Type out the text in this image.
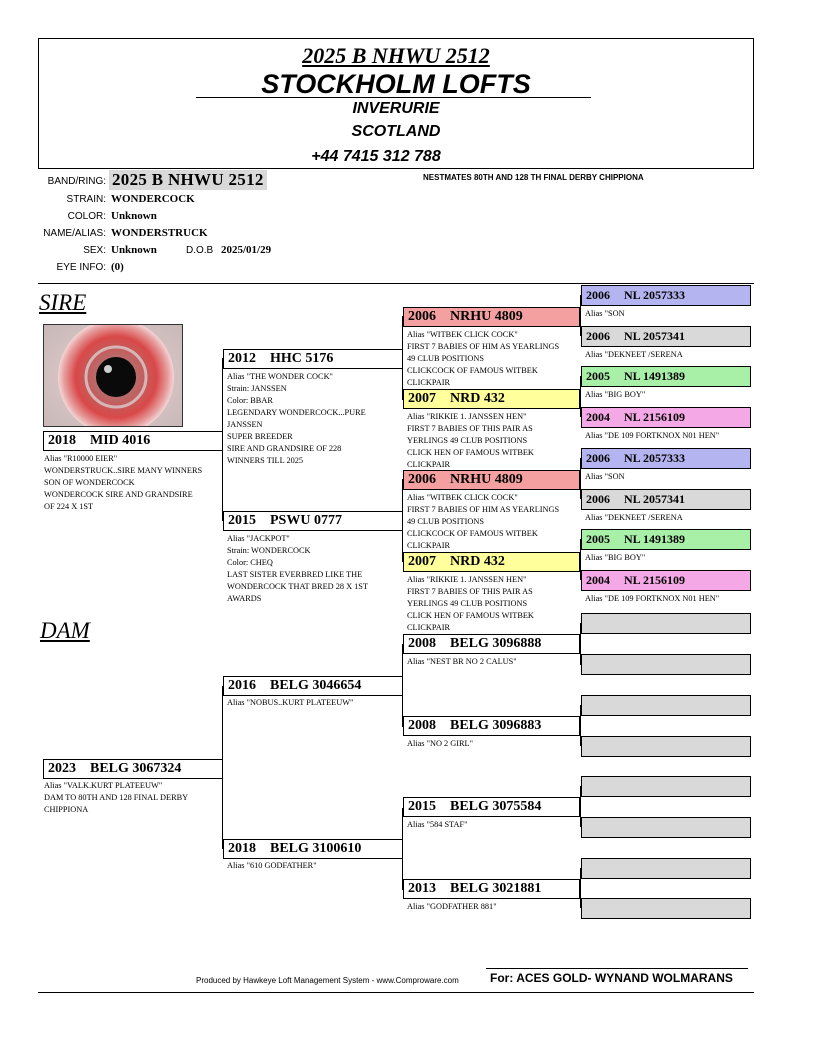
2025 B NHWU 2512
STOCKHOLM LOFTS
INVERURIE
SCOTLAND
+44 7415 312 788
BAND/RING: 2025 B NHWU 2512	NESTMATES 80TH AND 128 TH FINAL DERBY CHIPPIONA
STRAIN: WONDERCOCK
COLOR: Unknown
NAME/ALIAS: WONDERSTRUCK
SEX: Unknown	D.O.B 2025/01/29
EYE INFO: (0)
SIRE
DAM
2018 MID 4016
Alias "R10000 EIER"
WONDERSTRUCK..SIRE MANY WINNERS
SON OF WONDERCOCK
WONDERCOCK SIRE AND GRANDSIRE
OF 224 X 1ST
2023 BELG 3067324
Alias "VALK.KURT PLATEEUW"
DAM TO 80TH AND 128 FINAL DERBY
CHIPPIONA
2012 HHC 5176
Alias "THE WONDER COCK"
Strain: JANSSEN
Color: BBAR
LEGENDARY WONDERCOCK...PURE
JANSSEN
SUPER BREEDER
SIRE AND GRANDSIRE OF 228
WINNERS TILL 2025
2015 PSWU 0777
Alias "JACKPOT"
Strain: WONDERCOCK
Color: CHEQ
LAST SISTER EVERBRED LIKE THE
WONDERCOCK THAT BRED 28 X 1ST
AWARDS
2016 BELG 3046654
Alias "NOBUS..KURT PLATEEUW"
2018 BELG 3100610
Alias "610 GODFATHER"
2006 NRHU 4809
Alias "WITBEK CLICK COCK"
FIRST 7 BABIES OF HIM AS YEARLINGS
49 CLUB POSITIONS
CLICKCOCK OF FAMOUS WITBEK
CLICKPAIR
2007 NRD 432
Alias "RIKKIE 1. JANSSEN HEN"
FIRST 7 BABIES OF THIS PAIR AS
YERLINGS 49 CLUB POSITIONS
CLICK HEN OF FAMOUS WITBEK
CLICKPAIR
2006 NRHU 4809
Alias "WITBEK CLICK COCK"
FIRST 7 BABIES OF HIM AS YEARLINGS
49 CLUB POSITIONS
CLICKCOCK OF FAMOUS WITBEK
CLICKPAIR
2007 NRD 432
Alias "RIKKIE 1. JANSSEN HEN"
FIRST 7 BABIES OF THIS PAIR AS
YERLINGS 49 CLUB POSITIONS
CLICK HEN OF FAMOUS WITBEK
CLICKPAIR
2008 BELG 3096888
Alias "NEST BR NO 2 CALUS"
2008 BELG 3096883
Alias "NO 2 GIRL"
2015 BELG 3075584
Alias "584 STAF"
2013 BELG 3021881
Alias "GODFATHER 881"
2006 NL 2057333
Alias "SON
2006 NL 2057341
Alias "DEKNEET /SERENA
2005 NL 1491389
Alias "BIG BOY"
2004 NL 2156109
Alias "DE 109 FORTKNOX N01 HEN"
2006 NL 2057333
Alias "SON
2006 NL 2057341
Alias "DEKNEET /SERENA
2005 NL 1491389
Alias "BIG BOY"
2004 NL 2156109
Alias "DE 109 FORTKNOX N01 HEN"
Produced by Hawkeye Loft Management System - www.Comproware.com	For: ACES GOLD- WYNAND WOLMARANS
